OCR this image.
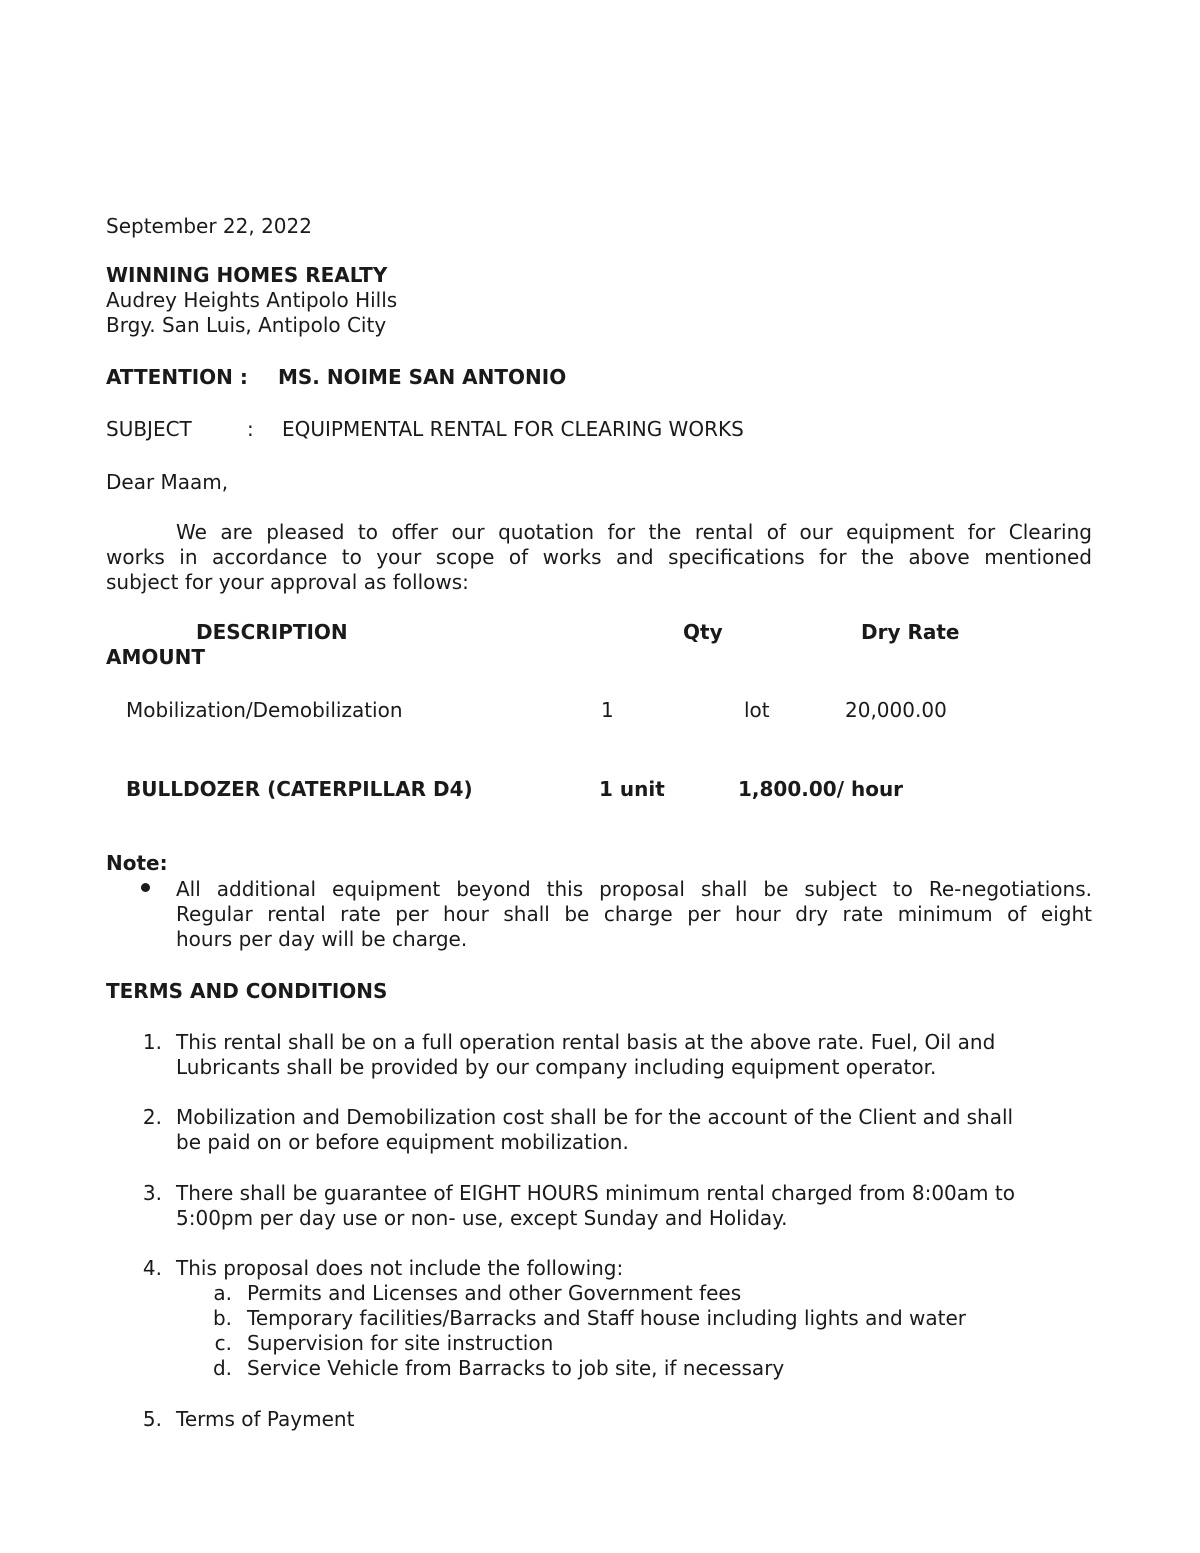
September 22, 2022
WINNING HOMES REALTY
Audrey Heights Antipolo Hills
Brgy. San Luis, Antipolo City
ATTENTION : MS. NOIME SAN ANTONIO
SUBJECT	: EQUIPMENTAL RENTAL FOR CLEARING WORKS
Dear Maam,
We are pleased to offer our quotation for the rental of our equipment for Clearing
works in accordance to your scope of works and specifications for the above mentioned
subject for your approval as follows:
DESCRIPTION	Qty	Dry Rate
AMOUNT
Mobilization/Demobilization	1	lot	20,000.00
BULLDOZER (CATERPILLAR D4)	1 unit	1,800.00/ hour
Note:
All additional equipment beyond this proposal shall be subject to Re-negotiations.
Regular rental rate per hour shall be charge per hour dry rate minimum of eight
hours per day will be charge.
TERMS AND CONDITIONS
1. This rental shall be on a full operation rental basis at the above rate. Fuel, Oil and
Lubricants shall be provided by our company including equipment operator.
2. Mobilization and Demobilization cost shall be for the account of the Client and shall
be paid on or before equipment mobilization.
3. There shall be guarantee of EIGHT HOURS minimum rental charged from 8:00am to
5:00pm per day use or non- use, except Sunday and Holiday.
4. This proposal does not include the following:
a. Permits and Licenses and other Government fees
b. Temporary facilities/Barracks and Staff house including lights and water
c. Supervision for site instruction
d. Service Vehicle from Barracks to job site, if necessary
5. Terms of Payment
